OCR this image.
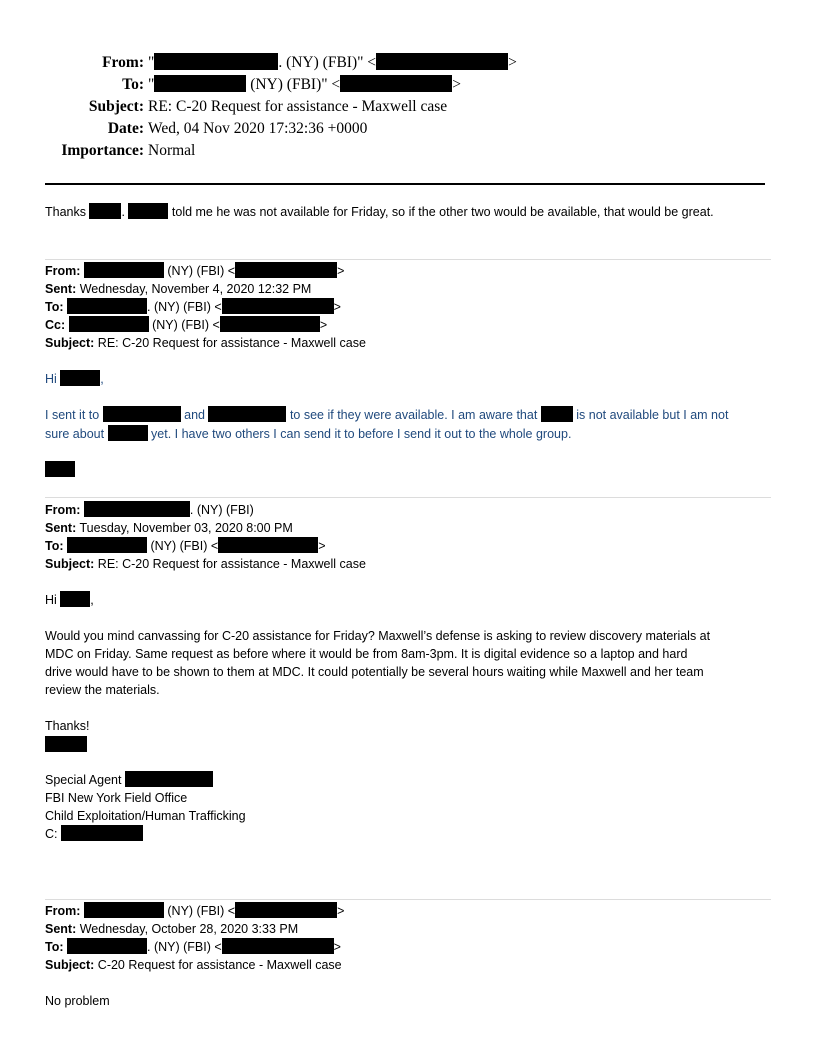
From: "	. (NY) (FBI)" <	>
To: "	(NY) (FBI)" <	>
Subject: RE: C-20 Request for assistance - Maxwell case
Date: Wed, 04 Nov 2020 17:32:36 +0000
Importance: Normal
Thanks	.	told me he was not available for Friday, so if the other two would be available, that would be great.
From:	(NY) (FBI) <	>
Sent: Wednesday, November 4, 2020 12:32 PM
To:	. (NY) (FBI) <	>
Cc:	(NY) (FBI) <	>
Subject: RE: C-20 Request for assistance - Maxwell case
Hi	,
I sent it to	and	to see if they were available. I am aware that	is not available but I am not
sure about	yet. I have two others I can send it to before I send it out to the whole group.
From:	. (NY) (FBI)
Sent: Tuesday, November 03, 2020 8:00 PM
To:	(NY) (FBI) <	>
Subject: RE: C-20 Request for assistance - Maxwell case
Hi ,
Would you mind canvassing for C-20 assistance for Friday? Maxwell’s defense is asking to review discovery materials at
MDC on Friday. Same request as before where it would be from 8am-3pm. It is digital evidence so a laptop and hard
drive would have to be shown to them at MDC. It could potentially be several hours waiting while Maxwell and her team
review the materials.
Thanks!
Special Agent
FBI New York Field Office
Child Exploitation/Human Trafficking
C:
From:	(NY) (FBI) <	>
Sent: Wednesday, October 28, 2020 3:33 PM
To:	. (NY) (FBI) <	>
Subject: C-20 Request for assistance - Maxwell case
No problem
